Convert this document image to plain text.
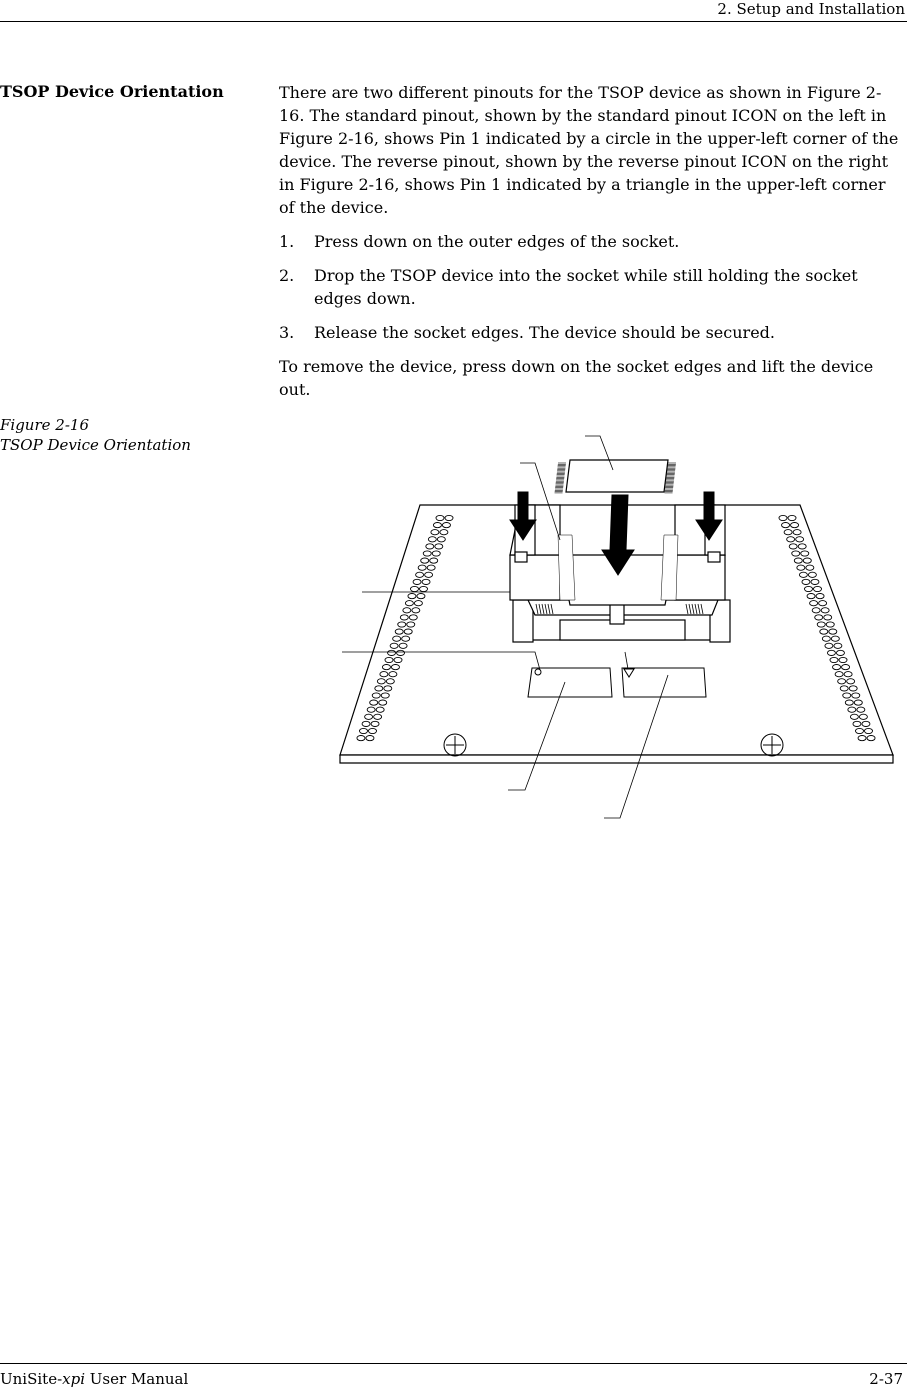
2. Setup and Installation
TSOP Device Orientation	There are two different pinouts for the TSOP device as shown in Figure 2-16. The standard pinout, shown by the standard pinout ICON on the left in Figure 2-16, shows Pin 1 indicated by a circle in the upper-left corner of the device. The reverse pinout, shown by the reverse pinout ICON on the right in Figure 2-16, shows Pin 1 indicated by a triangle in the upper-left corner of the device.

1. Press down on the outer edges of the socket.
2. Drop the TSOP device into the socket while still holding the socket edges down.
3. Release the socket edges. The device should be secured.

To remove the device, press down on the socket edges and lift the device out.

Figure 2-16
TSOP Device Orientation
UniSite-xpi User Manual	2-37
